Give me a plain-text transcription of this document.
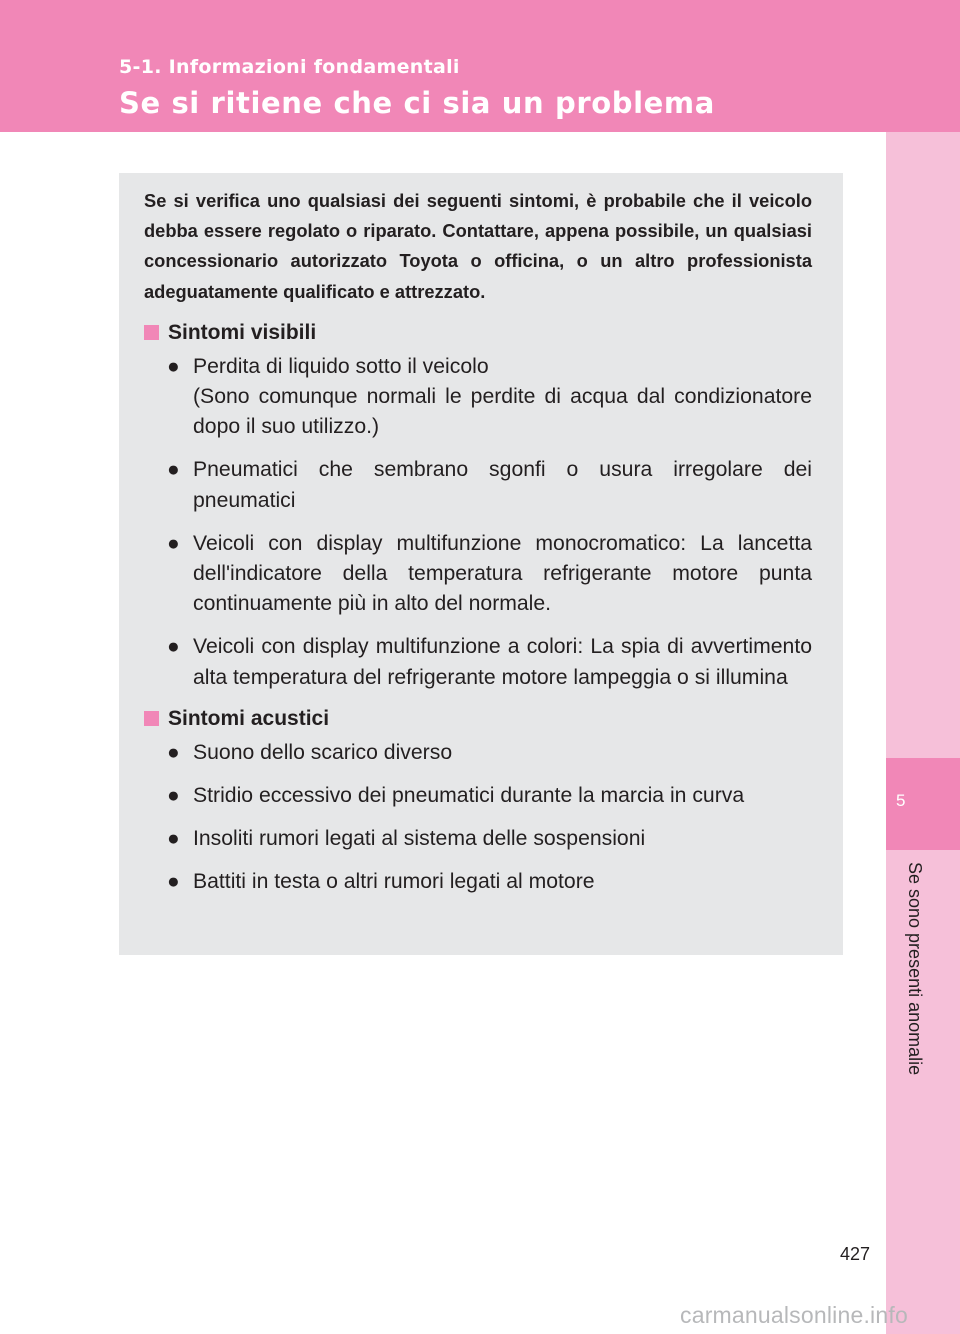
5-1. Informazioni fondamentali
Se si ritiene che ci sia un problema
5
Se sono presenti anomalie

Se si verifica uno qualsiasi dei seguenti sintomi, è probabile che il veicolo debba essere regolato o riparato. Contattare, appena possibile, un qualsiasi concessionario autorizzato Toyota o officina, o un altro professionista adeguatamente qualificato e attrezzato.

Sintomi visibili
● Perdita di liquido sotto il veicolo
(Sono comunque normali le perdite di acqua dal condizionatore dopo il suo utilizzo.)
● Pneumatici che sembrano sgonfi o usura irregolare dei pneumatici
● Veicoli con display multifunzione monocromatico: La lancetta dell'indicatore della temperatura refrigerante motore punta continuamente più in alto del normale.
● Veicoli con display multifunzione a colori: La spia di avvertimento alta temperatura del refrigerante motore lampeggia o si illumina
Sintomi acustici
● Suono dello scarico diverso
● Stridio eccessivo dei pneumatici durante la marcia in curva
● Insoliti rumori legati al sistema delle sospensioni
● Battiti in testa o altri rumori legati al motore
427
carmanualsonline.info
